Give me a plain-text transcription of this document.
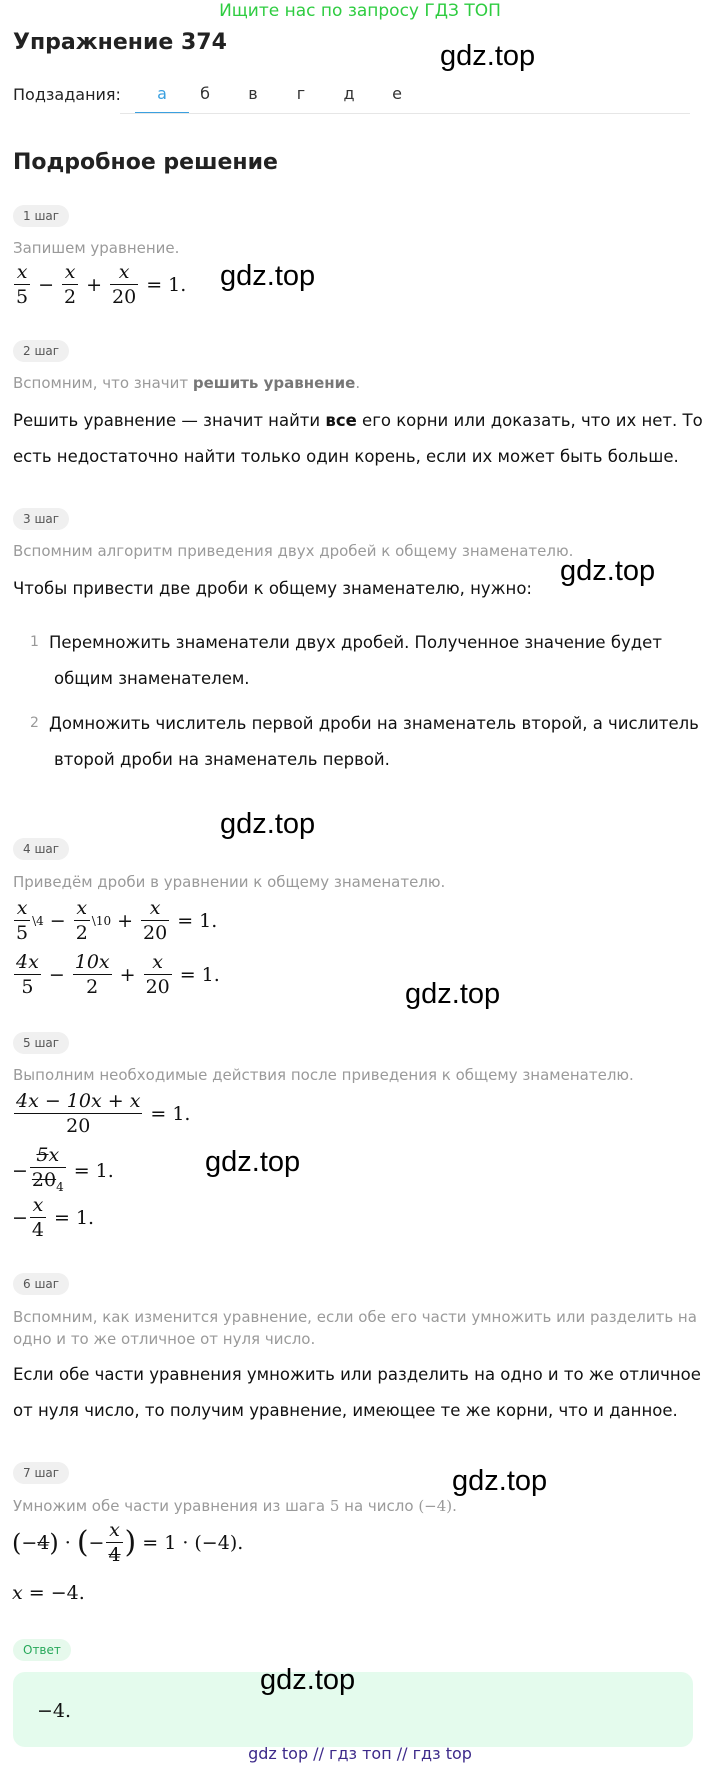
Ищите нас по запросу ГДЗ ТОП
Упражнение 374	gdz.top
Подзадания:	а	б	в	г	д	е
Подробное решение
1 шаг
Запишем уравнение.
$\frac{x}{5} - \frac{x}{2} + \frac{x}{20} = 1$. gdz.top
2 шаг
Вспомним, что значит решить уравнение.
Решить уравнение — значит найти все его корни или доказать, что их нет. То
есть недостаточно найти только один корень, если их может быть больше.
3 шаг
Вспомним алгоритм приведения двух дробей к общему знаменателю.
Чтобы привести две дроби к общему знаменателю, нужно:
gdz.top
1 Перемножить знаменатели двух дробей. Полученное значение будет
общим знаменателем.
2 Домножить числитель первой дроби на знаменатель второй, а числитель
второй дроби на знаменатель первой.
gdz.top
4 шаг
Приведём дроби в уравнении к общему знаменателю.
$\frac{x}{5}$ \4 − $\frac{x}{2}$ \10 + $\frac{x}{20} = 1$.
$\frac{4x}{5} - \frac{10x}{2} + \frac{x}{20} = 1$.
gdz.top
5 шаг
Выполним необходимые действия после приведения к общему знаменателю.
$\frac{4x - 10x + x}{20} = 1$.
− $\frac{5x}{20_4} = 1$.
− $\frac{x}{4} = 1$.
gdz.top
6 шаг
Вспомним, как изменится уравнение, если обе его части умножить или разделить на
одно и то же отличное от нуля число.
Если обе части уравнения умножить или разделить на одно и то же отличное
от нуля число, то получим уравнение, имеющее те же корни, что и данное.
7 шаг
Умножим обе части уравнения из шага 5 на число (−4).
gdz.top
( −4 ) · ( − $\frac{x}{4}$ ) = 1 · (−4).
x = −4.
Ответ
−4.
gdz.top
gdz top // гдз топ // гдз top
